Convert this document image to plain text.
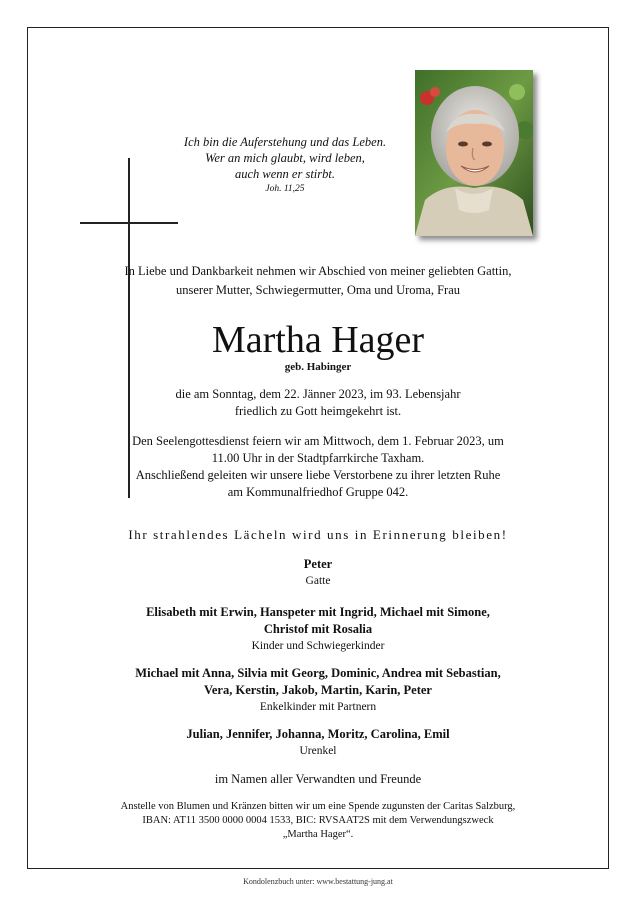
Ich bin die Auferstehung und das Leben.
Wer an mich glaubt, wird leben,
auch wenn er stirbt.
Joh. 11,25
In Liebe und Dankbarkeit nehmen wir Abschied von meiner geliebten Gattin,
unserer Mutter, Schwiegermutter, Oma und Uroma, Frau
Martha Hager
geb. Habinger
die am Sonntag, dem 22. Jänner 2023, im 93. Lebensjahr
friedlich zu Gott heimgekehrt ist.
Den Seelengottesdienst feiern wir am Mittwoch, dem 1. Februar 2023, um
11.00 Uhr in der Stadtpfarrkirche Taxham.
Anschließend geleiten wir unsere liebe Verstorbene zu ihrer letzten Ruhe
am Kommunalfriedhof Gruppe 042.
Ihr strahlendes Lächeln wird uns in Erinnerung bleiben!
Peter
Gatte
Elisabeth mit Erwin, Hanspeter mit Ingrid, Michael mit Simone,
Christof mit Rosalia
Kinder und Schwiegerkinder
Michael mit Anna, Silvia mit Georg, Dominic, Andrea mit Sebastian,
Vera, Kerstin, Jakob, Martin, Karin, Peter
Enkelkinder mit Partnern
Julian, Jennifer, Johanna, Moritz, Carolina, Emil
Urenkel
im Namen aller Verwandten und Freunde
Anstelle von Blumen und Kränzen bitten wir um eine Spende zugunsten der Caritas Salzburg,
IBAN: AT11 3500 0000 0004 1533, BIC: RVSAAT2S mit dem Verwendungszweck
„Martha Hager“.
Kondolenzbuch unter: www.bestattung-jung.at
